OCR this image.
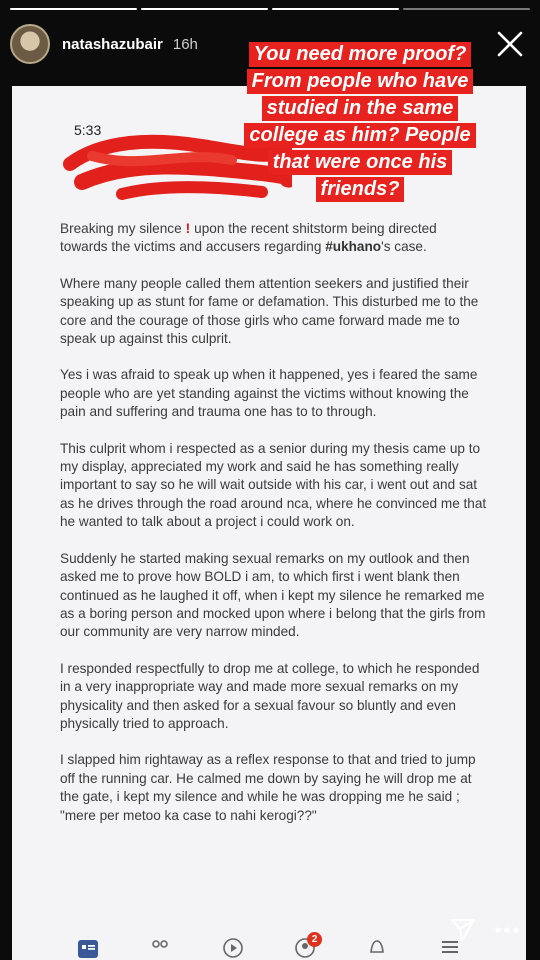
natashazubair 16h
5:33

Breaking my silence ! upon the recent shitstorm being directed towards the victims and accusers regarding #ukhano's case.

Where many people called them attention seekers and justified their speaking up as stunt for fame or defamation. This disturbed me to the core and the courage of those girls who came forward made me to speak up against this culprit.

Yes i was afraid to speak up when it happened, yes i feared the same people who are yet standing against the victims without knowing the pain and suffering and trauma one has to to through.

This culprit whom i respected as a senior during my thesis came up to my display, appreciated my work and said he has something really important to say so he will wait outside with his car, i went out and sat as he drives through the road around nca, where he convinced me that he wanted to talk about a project i could work on.

Suddenly he started making sexual remarks on my outlook and then asked me to prove how BOLD i am, to which first i went blank then continued as he laughed it off, when i kept my silence he remarked me as a boring person and mocked upon where i belong that the girls from our community are very narrow minded.

I responded respectfully to drop me at college, to which he responded in a very inappropriate way and made more sexual remarks on my physicality and then asked for a sexual favour so bluntly and even physically tried to approach.

I slapped him rightaway as a reflex response to that and tried to jump off the running car. He calmed me down by saying he will drop me at the gate, i kept my silence and while he was dropping me he said ; "mere per metoo ka case to nahi kerogi??"

2
You need more proof?
From people who have
studied in the same
college as him? People
that were once his
friends?
